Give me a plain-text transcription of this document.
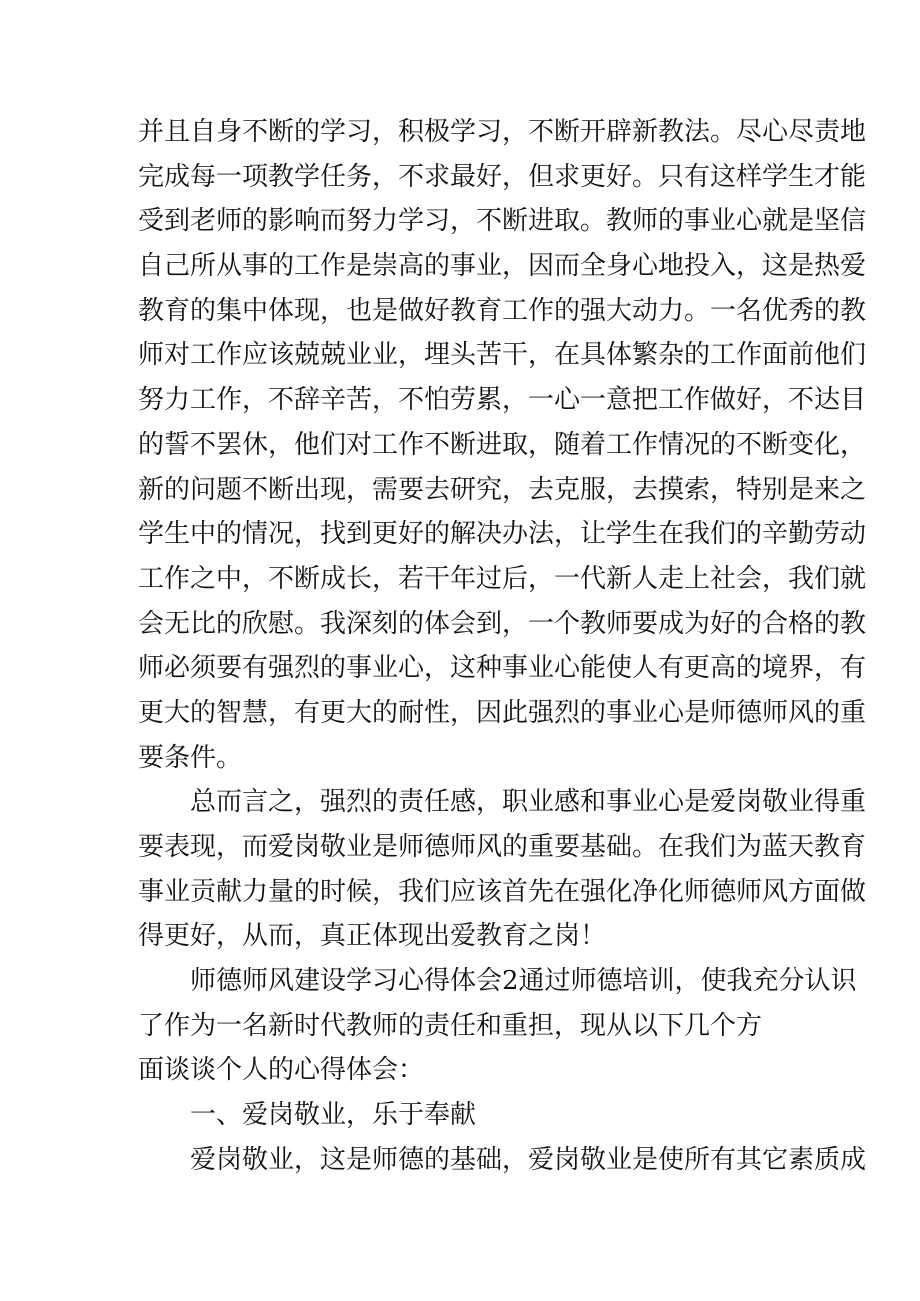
并且自身不断的学习，积极学习，不断开辟新教法。尽心尽责地
完成每一项教学任务，不求最好，但求更好。只有这样学生才能
受到老师的影响而努力学习，不断进取。教师的事业心就是坚信
自己所从事的工作是崇高的事业，因而全身心地投入，这是热爱
教育的集中体现，也是做好教育工作的强大动力。一名优秀的教
师对工作应该兢兢业业，埋头苦干，在具体繁杂的工作面前他们
努力工作，不辞辛苦，不怕劳累，一心一意把工作做好，不达目
的誓不罢休，他们对工作不断进取，随着工作情况的不断变化，
新的问题不断出现，需要去研究，去克服，去摸索，特别是来之
学生中的情况，找到更好的解决办法，让学生在我们的辛勤劳动
工作之中，不断成长，若干年过后，一代新人走上社会，我们就
会无比的欣慰。我深刻的体会到，一个教师要成为好的合格的教
师必须要有强烈的事业心，这种事业心能使人有更高的境界，有
更大的智慧，有更大的耐性，因此强烈的事业心是师德师风的重
要条件。
总而言之，强烈的责任感，职业感和事业心是爱岗敬业得重
要表现，而爱岗敬业是师德师风的重要基础。在我们为蓝天教育
事业贡献力量的时候，我们应该首先在强化净化师德师风方面做
得更好，从而，真正体现出爱教育之岗！
师德师风建设学习心得体会2通过师德培训，使我充分认识
了作为一名新时代教师的责任和重担，现从以下几个方
面谈谈个人的心得体会：
一、爱岗敬业，乐于奉献
爱岗敬业，这是师德的基础，爱岗敬业是使所有其它素质成
